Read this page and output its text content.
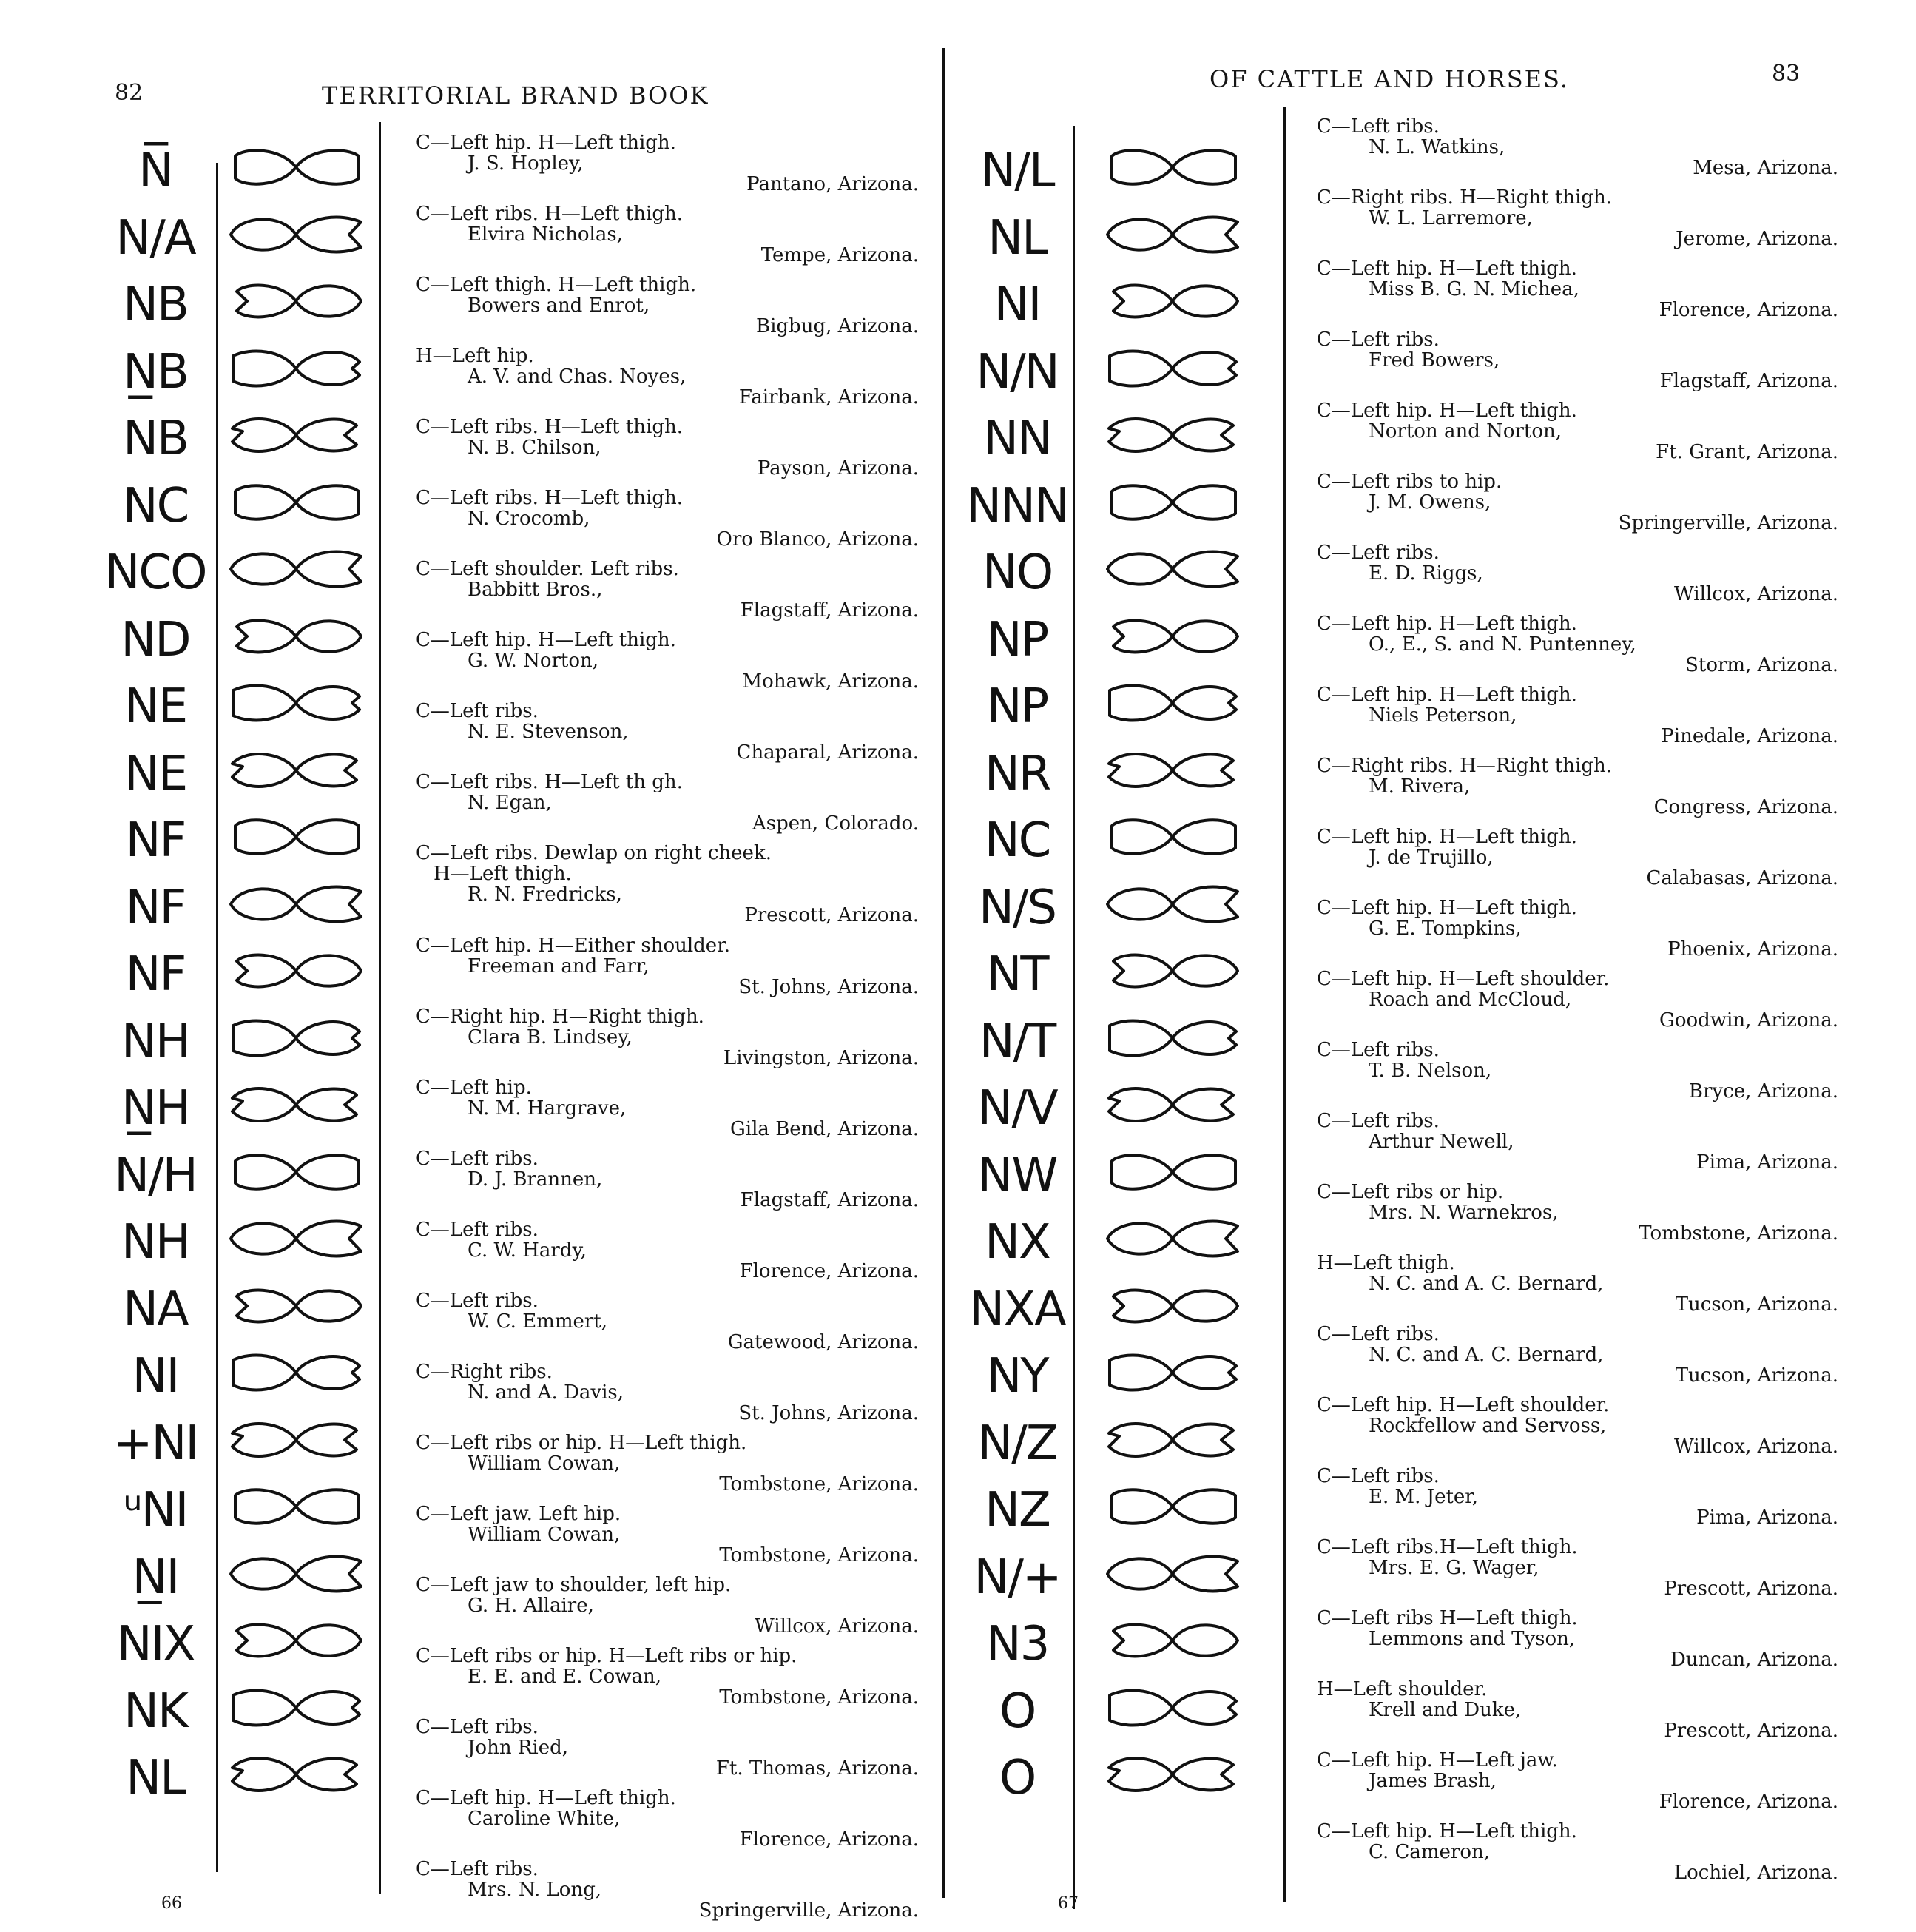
82	TERRITORIAL BRAND BOOK
N̅
N/A
NB
N̲B
NB
NC
NCO
ND
NE
NE
NF
NF
NF
NH
N̲H
N/H
NH
NA
NI
+NI
ᵘNI
N̲I
NIX
NK
NL
C—Left hip. H—Left thigh.
J. S. Hopley,
Pantano, Arizona.
C—Left ribs. H—Left thigh.
Elvira Nicholas,
Tempe, Arizona.
C—Left thigh. H—Left thigh.
Bowers and Enrot,
Bigbug, Arizona.
H—Left hip.
A. V. and Chas. Noyes,
Fairbank, Arizona.
C—Left ribs. H—Left thigh.
N. B. Chilson,
Payson, Arizona.
C—Left ribs. H—Left thigh.
N. Crocomb,
Oro Blanco, Arizona.
C—Left shoulder. Left ribs.
Babbitt Bros.,
Flagstaff, Arizona.
C—Left hip. H—Left thigh.
G. W. Norton,
Mohawk, Arizona.
C—Left ribs.
N. E. Stevenson,
Chaparal, Arizona.
C—Left ribs. H—Left th gh.
N. Egan,
Aspen, Colorado.
C—Left ribs. Dewlap on right cheek.
H—Left thigh.
R. N. Fredricks,
Prescott, Arizona.
C—Left hip. H—Either shoulder.
Freeman and Farr,
St. Johns, Arizona.
C—Right hip. H—Right thigh.
Clara B. Lindsey,
Livingston, Arizona.
C—Left hip.
N. M. Hargrave,
Gila Bend, Arizona.
C—Left ribs.
D. J. Brannen,
Flagstaff, Arizona.
C—Left ribs.
C. W. Hardy,
Florence, Arizona.
C—Left ribs.
W. C. Emmert,
Gatewood, Arizona.
C—Right ribs.
N. and A. Davis,
St. Johns, Arizona.
C—Left ribs or hip. H—Left thigh.
William Cowan,
Tombstone, Arizona.
C—Left jaw. Left hip.
William Cowan,
Tombstone, Arizona.
C—Left jaw to shoulder, left hip.
G. H. Allaire,
Willcox, Arizona.
C—Left ribs or hip. H—Left ribs or hip.
E. E. and E. Cowan,
Tombstone, Arizona.
C—Left ribs.
John Ried,
Ft. Thomas, Arizona.
C—Left hip. H—Left thigh.
Caroline White,
Florence, Arizona.
C—Left ribs.
Mrs. N. Long,
Springerville, Arizona.
66
OF CATTLE AND HORSES.	83
N/L
NL
NI
N/N
NN
NNN
NO
NP
NP
NR
NC
N/S
NT
N/T
N/V
NW
NX
NXA
NY
N/Z
NZ
N/+
N3
O
O
C—Left ribs.
N. L. Watkins,
Mesa, Arizona.
C—Right ribs. H—Right thigh.
W. L. Larremore,
Jerome, Arizona.
C—Left hip. H—Left thigh.
Miss B. G. N. Michea,
Florence, Arizona.
C—Left ribs.
Fred Bowers,
Flagstaff, Arizona.
C—Left hip. H—Left thigh.
Norton and Norton,
Ft. Grant, Arizona.
C—Left ribs to hip.
J. M. Owens,
Springerville, Arizona.
C—Left ribs.
E. D. Riggs,
Willcox, Arizona.
C—Left hip. H—Left thigh.
O., E., S. and N. Puntenney,
Storm, Arizona.
C—Left hip. H—Left thigh.
Niels Peterson,
Pinedale, Arizona.
C—Right ribs. H—Right thigh.
M. Rivera,
Congress, Arizona.
C—Left hip. H—Left thigh.
J. de Trujillo,
Calabasas, Arizona.
C—Left hip. H—Left thigh.
G. E. Tompkins,
Phoenix, Arizona.
C—Left hip. H—Left shoulder.
Roach and McCloud,
Goodwin, Arizona.
C—Left ribs.
T. B. Nelson,
Bryce, Arizona.
C—Left ribs.
Arthur Newell,
Pima, Arizona.
C—Left ribs or hip.
Mrs. N. Warnekros,
Tombstone, Arizona.
H—Left thigh.
N. C. and A. C. Bernard,
Tucson, Arizona.
C—Left ribs.
N. C. and A. C. Bernard,
Tucson, Arizona.
C—Left hip. H—Left shoulder.
Rockfellow and Servoss,
Willcox, Arizona.
C—Left ribs.
E. M. Jeter,
Pima, Arizona.
C—Left ribs.H—Left thigh.
Mrs. E. G. Wager,
Prescott, Arizona.
C—Left ribs H—Left thigh.
Lemmons and Tyson,
Duncan, Arizona.
H—Left shoulder.
Krell and Duke,
Prescott, Arizona.
C—Left hip. H—Left jaw.
James Brash,
Florence, Arizona.
C—Left hip. H—Left thigh.
C. Cameron,
Lochiel, Arizona.
67
